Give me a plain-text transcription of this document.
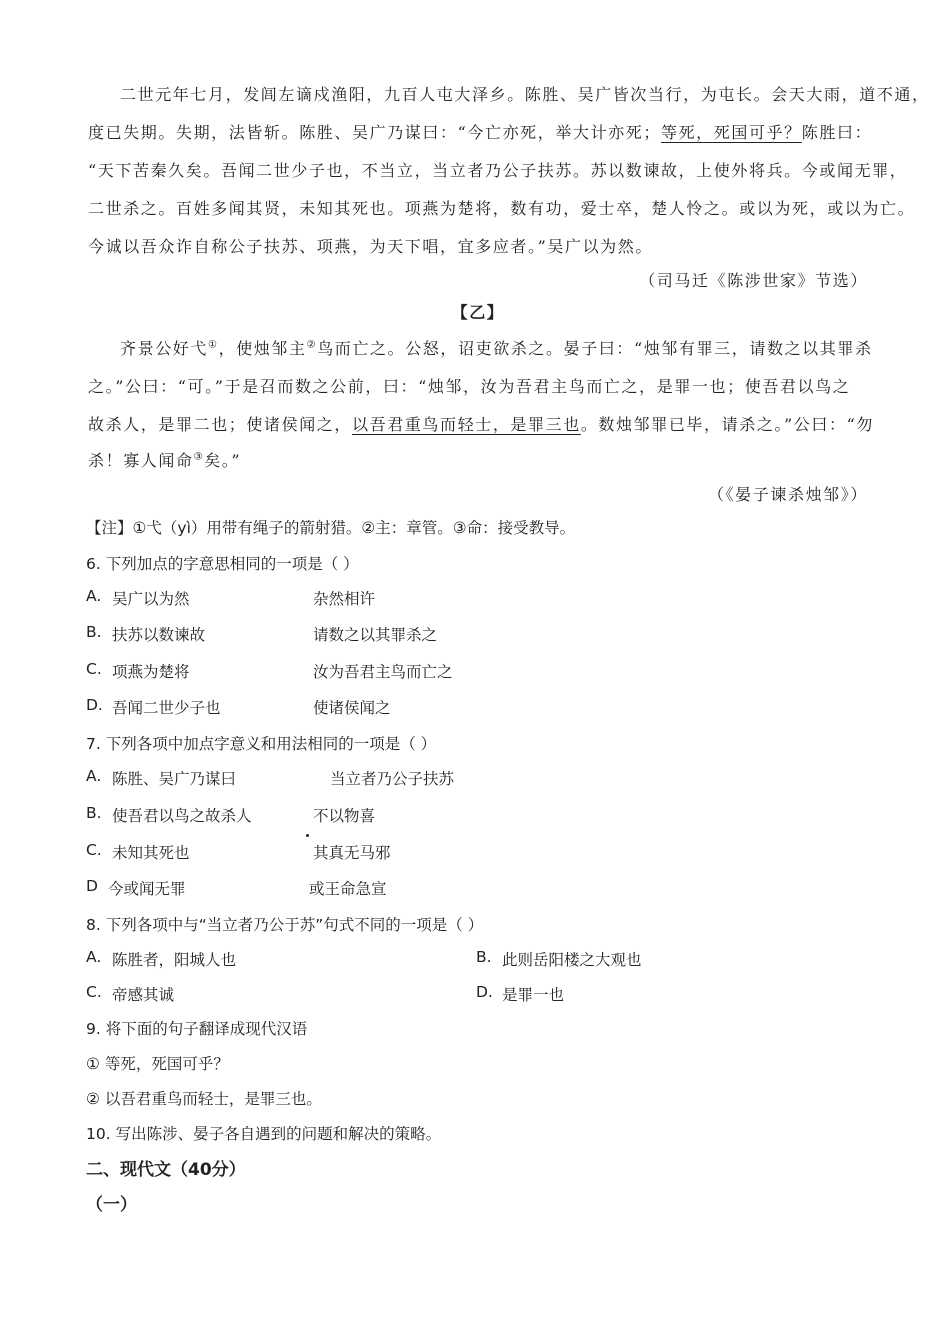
二世元年七月，发闾左谪戍渔阳，九百人屯大泽乡。陈胜、吴广皆次当行，为屯长。会天大雨，道不通，
度已失期。失期，法皆斩。陈胜、吴广乃谋曰：“今亡亦死，举大计亦死；等死，死国可乎？陈胜曰：
“天下苦秦久矣。吾闻二世少子也，不当立，当立者乃公子扶苏。苏以数谏故，上使外将兵。今或闻无罪，
二世杀之。百姓多闻其贤，未知其死也。项燕为楚将，数有功，爱士卒，楚人怜之。或以为死，或以为亡。
今诚以吾众诈自称公子扶苏、项燕，为天下唱，宜多应者。”吴广以为然。
（司马迁《陈涉世家》节选）
【乙】
齐景公好弋①，使烛邹主②鸟而亡之。公怒，诏吏欲杀之。晏子曰：“烛邹有罪三，请数之以其罪杀
之。”公曰：“可。”于是召而数之公前，曰：“烛邹，汝为吾君主鸟而亡之，是罪一也；使吾君以鸟之
故杀人，是罪二也；使诸侯闻之，以吾君重鸟而轻士，是罪三也。数烛邹罪已毕，请杀之。”公曰：“勿
杀！寡人闻命③矣。”
（《晏子谏杀烛邹》）
【注】①弋（yì）用带有绳子的箭射猎。②主：章管。③命：接受教导。
6. 下列加点的字意思相同的一项是（ ）
A. 吴广以为然	杂然相许
B. 扶苏以数谏故	请数之以其罪杀之
C. 项燕为楚将	汝为吾君主鸟而亡之
D. 吾闻二世少子也	使诸侯闻之
7. 下列各项中加点字意义和用法相同的一项是（ ）
A. 陈胜、吴广乃谋曰	当立者乃公子扶苏
B. 使吾君以鸟之故杀人	不以物喜
C. 未知其死也	其真无马邪
D 今或闻无罪	或王命急宣
8. 下列各项中与“当立者乃公于苏”句式不同的一项是（ ）
A. 陈胜者，阳城人也	B. 此则岳阳楼之大观也
C. 帝感其诚	D. 是罪一也
9. 将下面的句子翻译成现代汉语
① 等死，死国可乎？
② 以吾君重鸟而轻士，是罪三也。
10. 写出陈涉、晏子各自遇到的问题和解决的策略。
二、现代文（40分）
（一）
